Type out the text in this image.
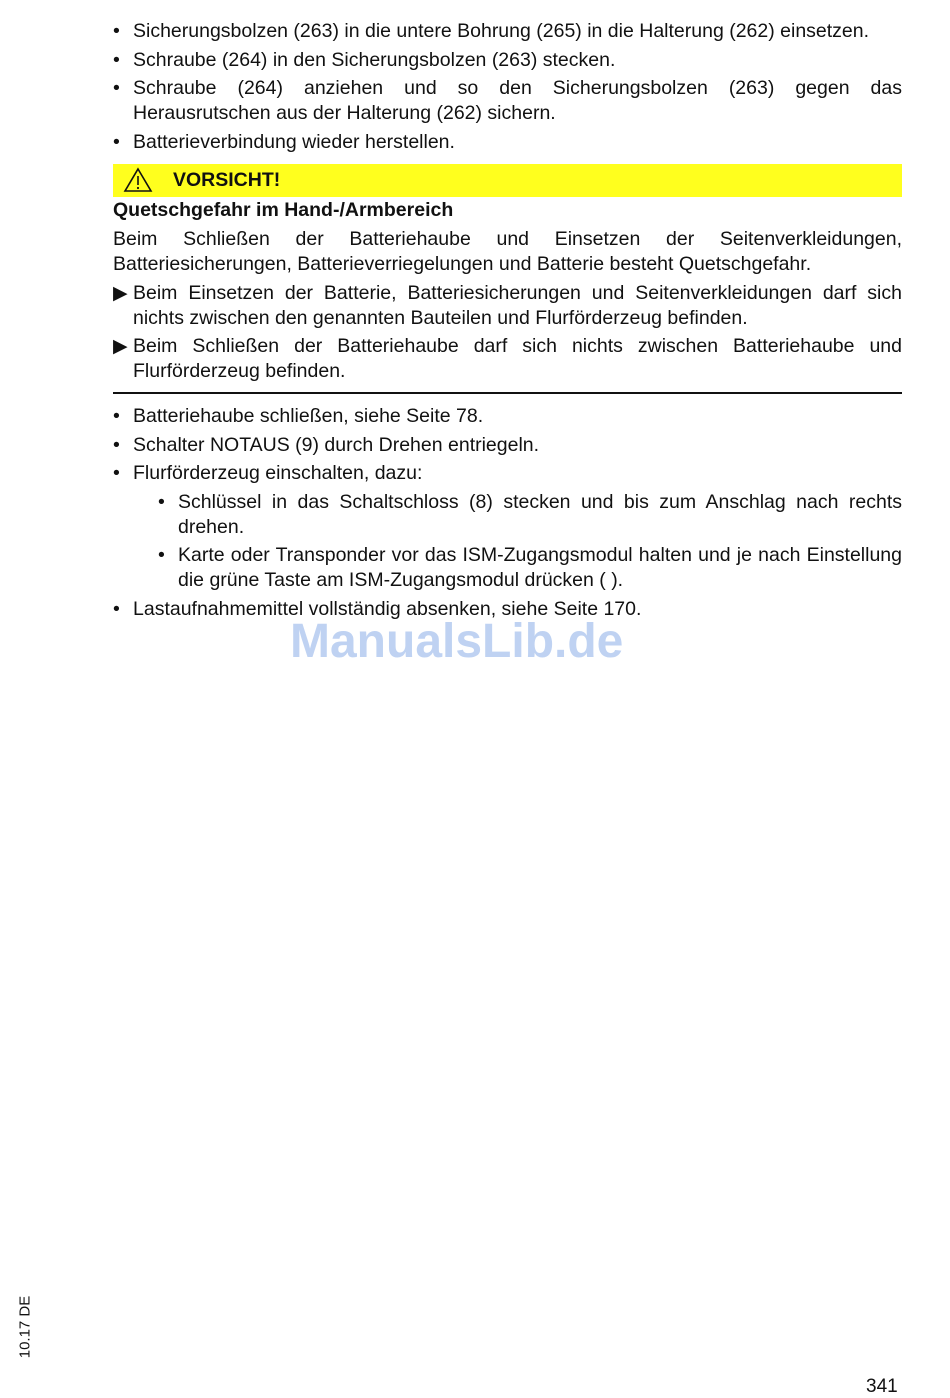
• Sicherungsbolzen (263) in die untere Bohrung (265) in die Halterung (262) einsetzen.
• Schraube (264) in den Sicherungsbolzen (263) stecken.
• Schraube (264) anziehen und so den Sicherungsbolzen (263) gegen das Herausrutschen aus der Halterung (262) sichern.
• Batterieverbindung wieder herstellen.
VORSICHT!
Quetschgefahr im Hand-/Armbereich
Beim Schließen der Batteriehaube und Einsetzen der Seitenverkleidungen, Batteriesicherungen, Batterieverriegelungen und Batterie besteht Quetschgefahr.
▶ Beim Einsetzen der Batterie, Batteriesicherungen und Seitenverkleidungen darf sich nichts zwischen den genannten Bauteilen und Flurförderzeug befinden.
▶ Beim Schließen der Batteriehaube darf sich nichts zwischen Batteriehaube und Flurförderzeug befinden.
• Batteriehaube schließen, siehe Seite 78.
• Schalter NOTAUS (9) durch Drehen entriegeln.
• Flurförderzeug einschalten, dazu:
• Schlüssel in das Schaltschloss (8) stecken und bis zum Anschlag nach rechts drehen.
• Karte oder Transponder vor das ISM-Zugangsmodul halten und je nach Einstellung die grüne Taste am ISM-Zugangsmodul drücken ( ).
• Lastaufnahmemittel vollständig absenken, siehe Seite 170.
ManualsLib.de
10.17 DE
341
